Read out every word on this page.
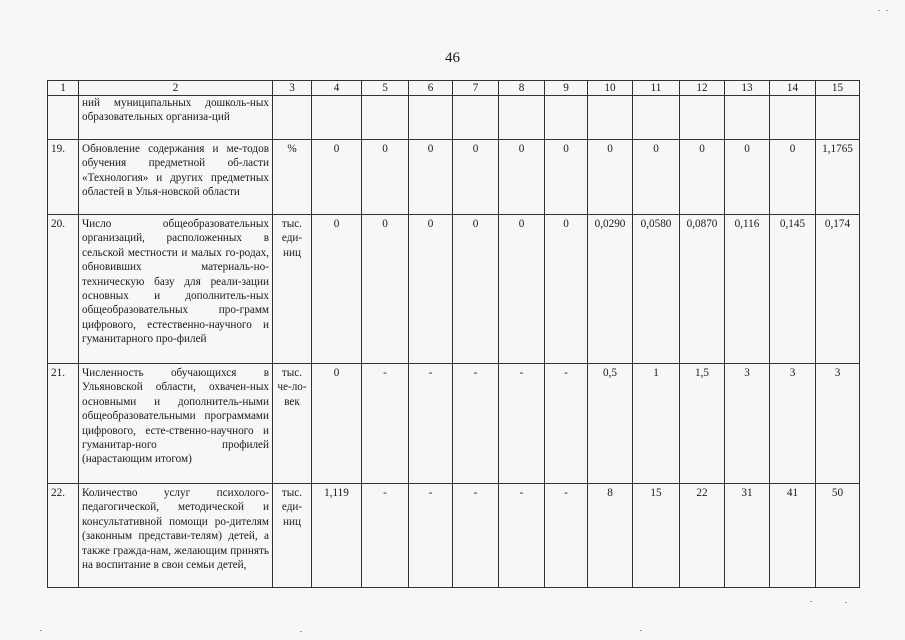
46
1	2	3	4	5	6	7	8	9	10	11	12	13	14	15
	ний муниципальных дошколь-ных образовательных организа-ций													
19.	Обновление содержания и ме-тодов обучения предметной об-ласти «Технология» и других предметных областей в Улья-новской области	%	0	0	0	0	0	0	0	0	0	0	0	1,1765
20.	Число общеобразовательных организаций, расположенных в сельской местности и малых го-родах, обновивших материаль-но-техническую базу для реали-зации основных и дополнитель-ных общеобразовательных про-грамм цифрового, естественно-научного и гуманитарного про-филей	тыс. еди-ниц	0	0	0	0	0	0	0,0290	0,0580	0,0870	0,116	0,145	0,174
21.	Численность обучающихся в Ульяновской области, охвачен-ных основными и дополнитель-ными общеобразовательными программами цифрового, есте-ственно-научного и гуманитар-ного профилей (нарастающим итогом)	тыс. че-ло-век	0	-	-	-	-	-	0,5	1	1,5	3	3	3
22.	Количество услуг психолого-педагогической, методической и консультативной помощи ро-дителям (законным представи-телям) детей, а также гражда-нам, желающим принять на воспитание в свои семьи детей,	тыс. еди-ниц	1,119	-	-	-	-	-	8	15	22	31	41	50
